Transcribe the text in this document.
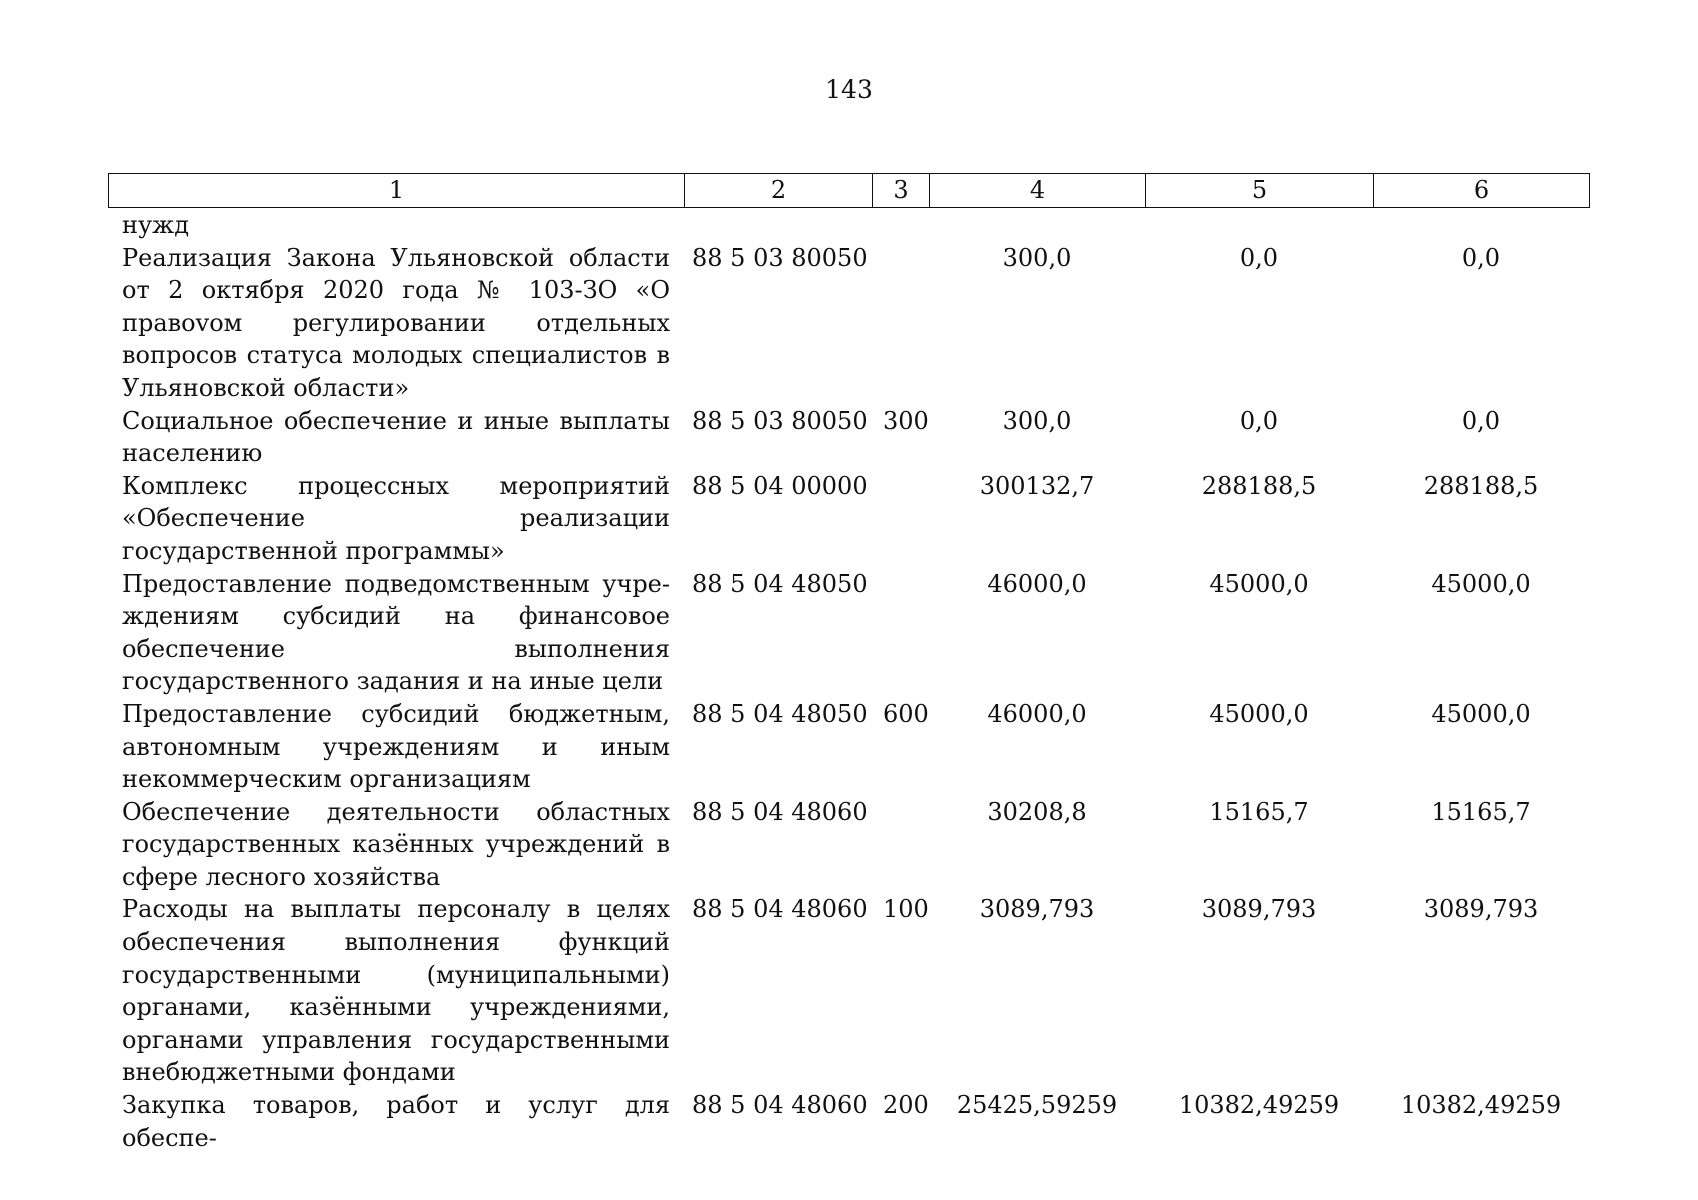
143
1	2	3	4	5	6
нужд					
Реализация Закона Ульяновской области от 2 октября 2020 года № 103-ЗО «О правоvом регулировании отдельных вопросов статуса молодых специалистов в Ульяновской области»	88 5 03 80050		300,0	0,0	0,0
Социальное обеспечение и иные выплаты населению	88 5 03 80050	300	300,0	0,0	0,0
Комплекс процессных мероприятий «Обеспечение реализации государственной программы»	88 5 04 00000		300132,7	288188,5	288188,5
Предоставление подведомственным учреждениям субсидий на финансовое обеспечение выполнения государственного задания и на иные цели	88 5 04 48050		46000,0	45000,0	45000,0
Предоставление субсидий бюджетным, автономным учреждениям и иным некоммерческим организациям	88 5 04 48050	600	46000,0	45000,0	45000,0
Обеспечение деятельности областных государственных казённых учреждений в сфере лесного хозяйства	88 5 04 48060		30208,8	15165,7	15165,7
Расходы на выплаты персоналу в целях обеспечения выполнения функций государственными (муниципальными) органами, казёнными учреждениями, органами управления государственными внебюджетными фондами	88 5 04 48060	100	3089,793	3089,793	3089,793
Закупка товаров, работ и услуг для обеспе-	88 5 04 48060	200	25425,59259	10382,49259	10382,49259
